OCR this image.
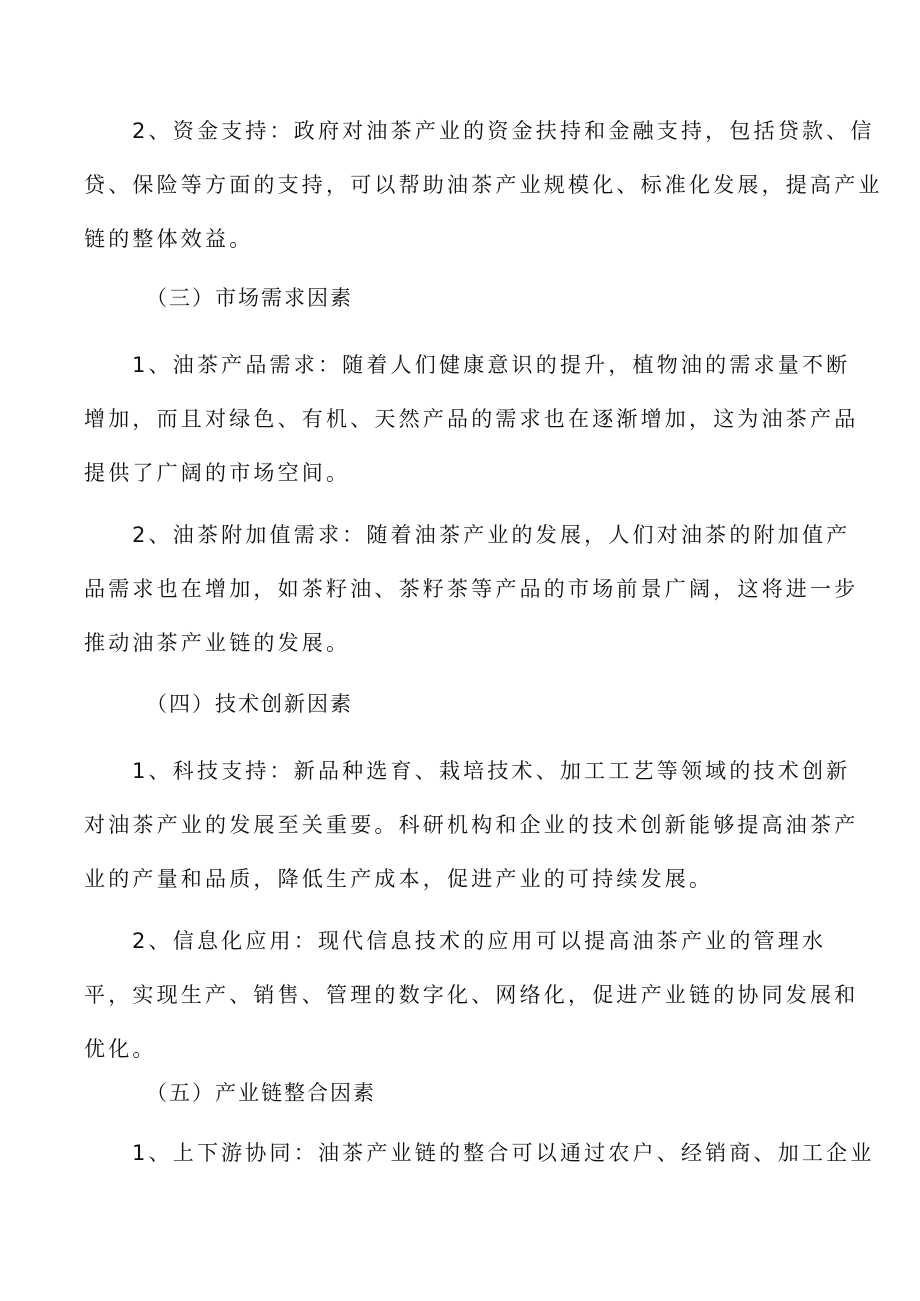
2、资金支持：政府对油茶产业的资金扶持和金融支持，包括贷款、信
贷、保险等方面的支持，可以帮助油茶产业规模化、标准化发展，提高产业
链的整体效益。
（三）市场需求因素
1、油茶产品需求：随着人们健康意识的提升，植物油的需求量不断
增加，而且对绿色、有机、天然产品的需求也在逐渐增加，这为油茶产品
提供了广阔的市场空间。
2、油茶附加值需求：随着油茶产业的发展，人们对油茶的附加值产
品需求也在增加，如茶籽油、茶籽茶等产品的市场前景广阔，这将进一步
推动油茶产业链的发展。
（四）技术创新因素
1、科技支持：新品种选育、栽培技术、加工工艺等领域的技术创新
对油茶产业的发展至关重要。科研机构和企业的技术创新能够提高油茶产
业的产量和品质，降低生产成本，促进产业的可持续发展。
2、信息化应用：现代信息技术的应用可以提高油茶产业的管理水
平，实现生产、销售、管理的数字化、网络化，促进产业链的协同发展和
优化。
（五）产业链整合因素
1、上下游协同：油茶产业链的整合可以通过农户、经销商、加工企业
